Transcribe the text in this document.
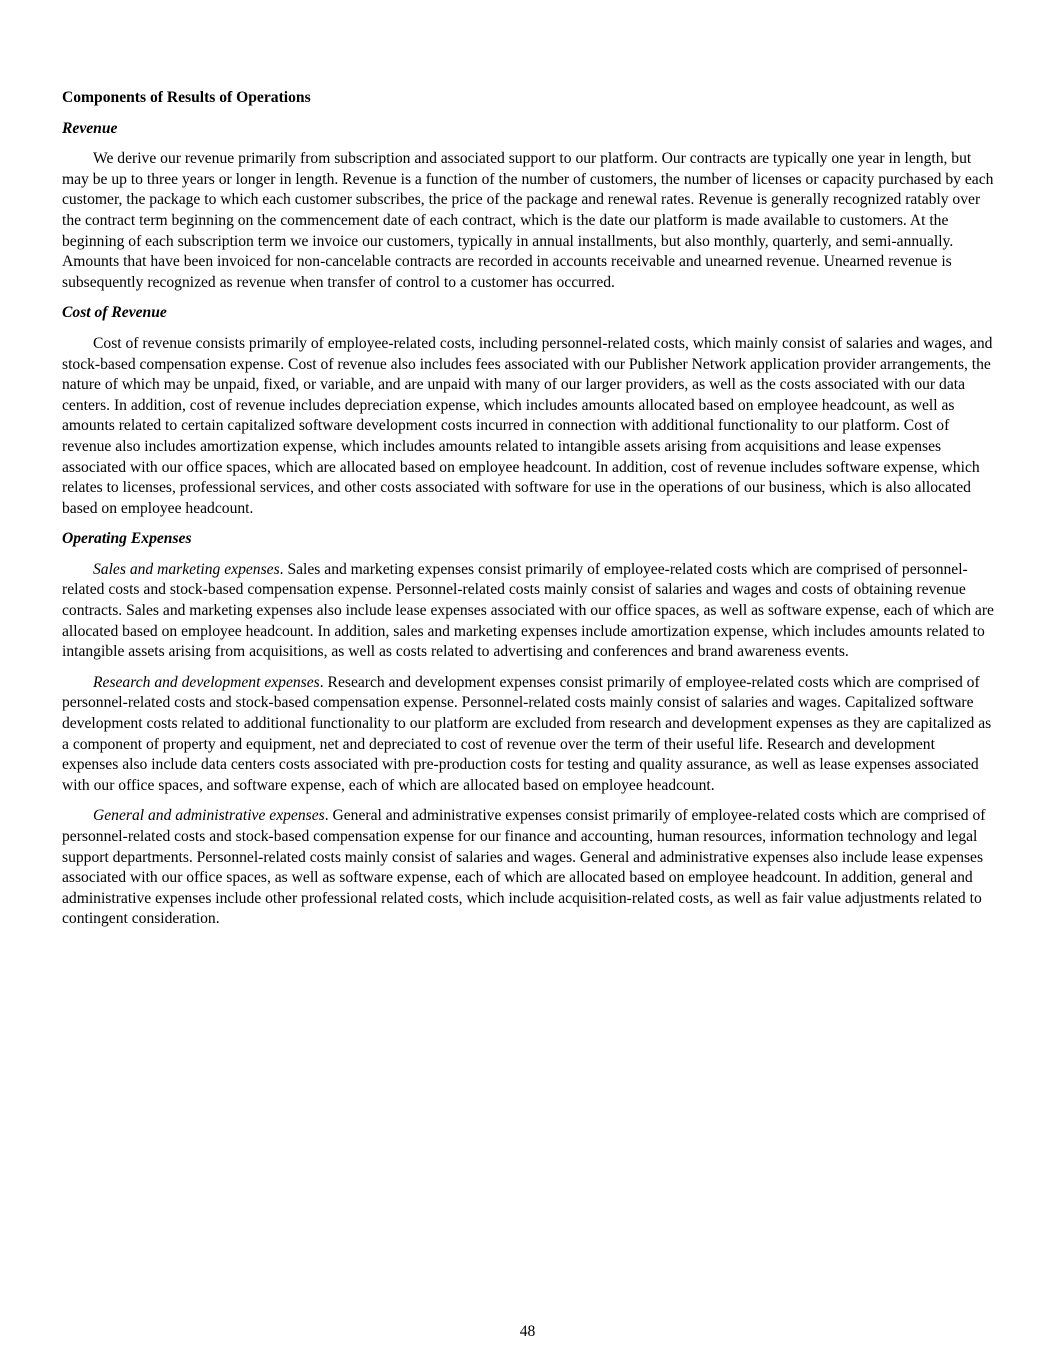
Components of Results of Operations
Revenue

We derive our revenue primarily from subscription and associated support to our platform. Our contracts are typically one year in length, but may be up to three years or longer in length. Revenue is a function of the number of customers, the number of licenses or capacity purchased by each customer, the package to which each customer subscribes, the price of the package and renewal rates. Revenue is generally recognized ratably over the contract term beginning on the commencement date of each contract, which is the date our platform is made available to customers. At the beginning of each subscription term we invoice our customers, typically in annual installments, but also monthly, quarterly, and semi-annually. Amounts that have been invoiced for non-cancelable contracts are recorded in accounts receivable and unearned revenue. Unearned revenue is subsequently recognized as revenue when transfer of control to a customer has occurred.

Cost of Revenue

Cost of revenue consists primarily of employee-related costs, including personnel-related costs, which mainly consist of salaries and wages, and stock-based compensation expense. Cost of revenue also includes fees associated with our Publisher Network application provider arrangements, the nature of which may be unpaid, fixed, or variable, and are unpaid with many of our larger providers, as well as the costs associated with our data centers. In addition, cost of revenue includes depreciation expense, which includes amounts allocated based on employee headcount, as well as amounts related to certain capitalized software development costs incurred in connection with additional functionality to our platform. Cost of revenue also includes amortization expense, which includes amounts related to intangible assets arising from acquisitions and lease expenses associated with our office spaces, which are allocated based on employee headcount. In addition, cost of revenue includes software expense, which relates to licenses, professional services, and other costs associated with software for use in the operations of our business, which is also allocated based on employee headcount.

Operating Expenses

Sales and marketing expenses. Sales and marketing expenses consist primarily of employee-related costs which are comprised of personnel-related costs and stock-based compensation expense. Personnel-related costs mainly consist of salaries and wages and costs of obtaining revenue contracts. Sales and marketing expenses also include lease expenses associated with our office spaces, as well as software expense, each of which are allocated based on employee headcount. In addition, sales and marketing expenses include amortization expense, which includes amounts related to intangible assets arising from acquisitions, as well as costs related to advertising and conferences and brand awareness events.

Research and development expenses. Research and development expenses consist primarily of employee-related costs which are comprised of personnel-related costs and stock-based compensation expense. Personnel-related costs mainly consist of salaries and wages. Capitalized software development costs related to additional functionality to our platform are excluded from research and development expenses as they are capitalized as a component of property and equipment, net and depreciated to cost of revenue over the term of their useful life. Research and development expenses also include data centers costs associated with pre-production costs for testing and quality assurance, as well as lease expenses associated with our office spaces, and software expense, each of which are allocated based on employee headcount.

General and administrative expenses. General and administrative expenses consist primarily of employee-related costs which are comprised of personnel-related costs and stock-based compensation expense for our finance and accounting, human resources, information technology and legal support departments. Personnel-related costs mainly consist of salaries and wages. General and administrative expenses also include lease expenses associated with our office spaces, as well as software expense, each of which are allocated based on employee headcount. In addition, general and administrative expenses include other professional related costs, which include acquisition-related costs, as well as fair value adjustments related to contingent consideration.

48
